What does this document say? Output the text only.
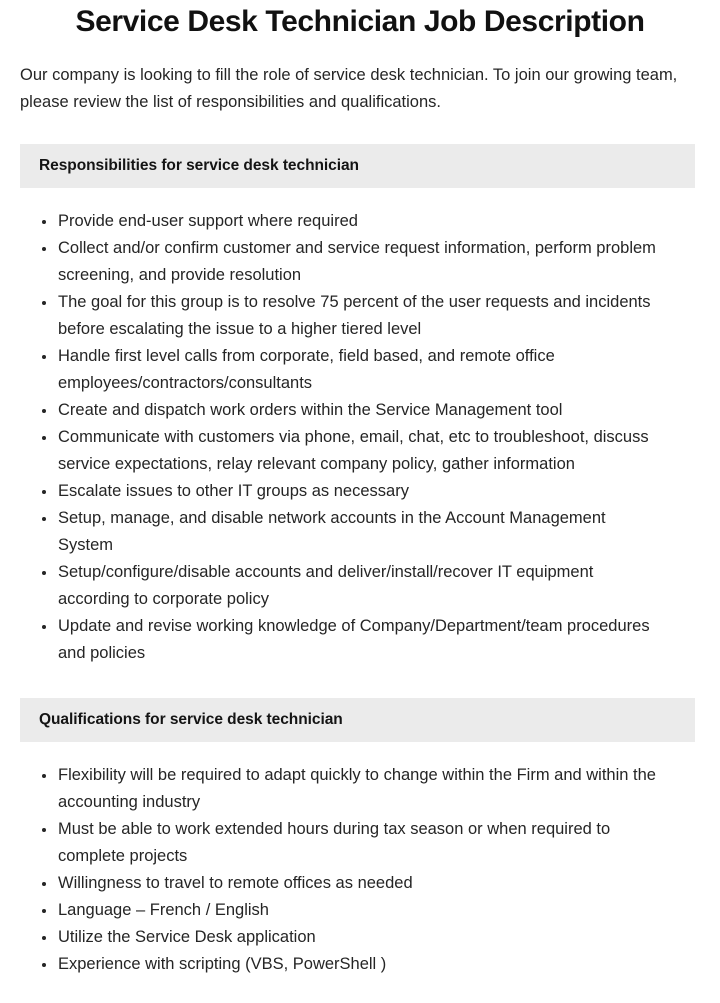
Service Desk Technician Job Description

Our company is looking to fill the role of service desk technician. To join our growing team, please review the list of responsibilities and qualifications.

Responsibilities for service desk technician
Provide end-user support where required
Collect and/or confirm customer and service request information, perform problem screening, and provide resolution
The goal for this group is to resolve 75 percent of the user requests and incidents before escalating the issue to a higher tiered level
Handle first level calls from corporate, field based, and remote office employees/contractors/consultants
Create and dispatch work orders within the Service Management tool
Communicate with customers via phone, email, chat, etc to troubleshoot, discuss service expectations, relay relevant company policy, gather information
Escalate issues to other IT groups as necessary
Setup, manage, and disable network accounts in the Account Management System
Setup/configure/disable accounts and deliver/install/recover IT equipment according to corporate policy
Update and revise working knowledge of Company/Department/team procedures and policies
Qualifications for service desk technician
Flexibility will be required to adapt quickly to change within the Firm and within the accounting industry
Must be able to work extended hours during tax season or when required to complete projects
Willingness to travel to remote offices as needed
Language – French / English
Utilize the Service Desk application
Experience with scripting (VBS, PowerShell )
